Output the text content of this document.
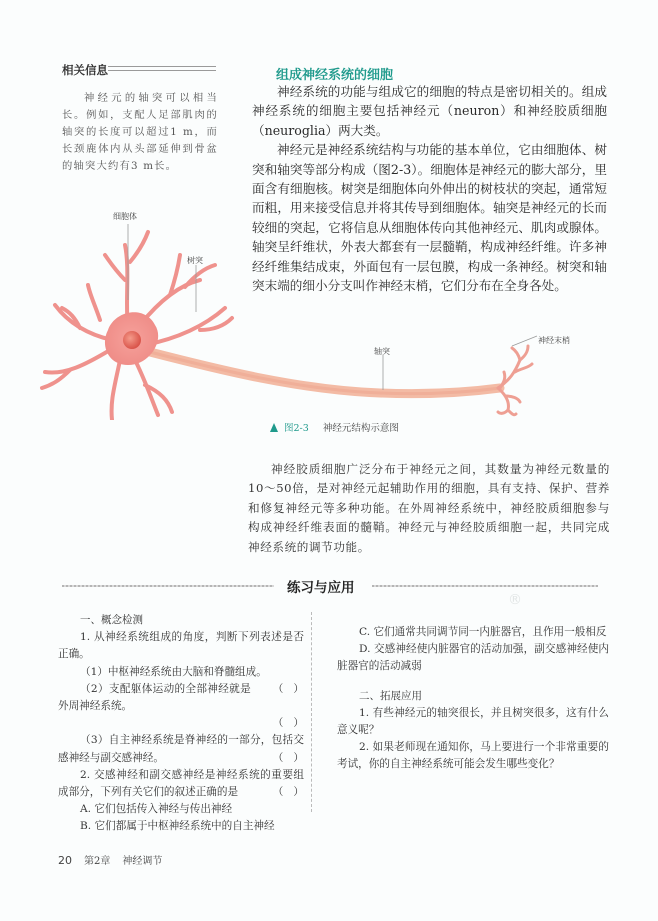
相关信息
神经元的轴突可以相当长。例如，支配人足部肌肉的轴突的长度可以超过1 m，而长颈鹿体内从头部延伸到骨盆的轴突大约有3 m长。
组成神经系统的细胞

神经系统的功能与组成它的细胞的特点是密切相关的。组成神经系统的细胞主要包括神经元（neuron）和神经胶质细胞（neuroglia）两大类。

神经元是神经系统结构与功能的基本单位，它由细胞体、树突和轴突等部分构成（图2-3）。细胞体是神经元的膨大部分，里面含有细胞核。树突是细胞体向外伸出的树枝状的突起，通常短而粗，用来接受信息并将其传导到细胞体。轴突是神经元的长而较细的突起，它将信息从细胞体传向其他神经元、肌肉或腺体。轴突呈纤维状，外表大都套有一层髓鞘，构成神经纤维。许多神经纤维集结成束，外面包有一层包膜，构成一条神经。树突和轴突末端的细小分支叫作神经末梢，它们分布在全身各处。

细胞体
树突
轴突
神经末梢
图2-3 神经元结构示意图
神经胶质细胞广泛分布于神经元之间，其数量为神经元数量的10～50倍，是对神经元起辅助作用的细胞，具有支持、保护、营养和修复神经元等多种功能。在外周神经系统中，神经胶质细胞参与构成神经纤维表面的髓鞘。神经元与神经胶质细胞一起，共同完成神经系统的调节功能。
练习与应用
®
一、概念检测
1. 从神经系统组成的角度，判断下列表述是否正确。
（1）中枢神经系统由大脑和脊髓组成。
（   ）
（2）支配躯体运动的全部神经就是外周神经系统。
（   ）
（3）自主神经系统是脊神经的一部分，包括交感神经与副交感神经。	（   ）
2. 交感神经和副交感神经是神经系统的重要组成部分，下列有关它们的叙述正确的是	（   ）
A. 它们包括传入神经与传出神经
B. 它们都属于中枢神经系统中的自主神经
C. 它们通常共同调节同一内脏器官，且作用一般相反
D. 交感神经使内脏器官的活动加强，副交感神经使内脏器官的活动减弱
二、拓展应用
1. 有些神经元的轴突很长，并且树突很多，这有什么意义呢？
2. 如果老师现在通知你，马上要进行一个非常重要的考试，你的自主神经系统可能会发生哪些变化？
20 第2章 神经调节
